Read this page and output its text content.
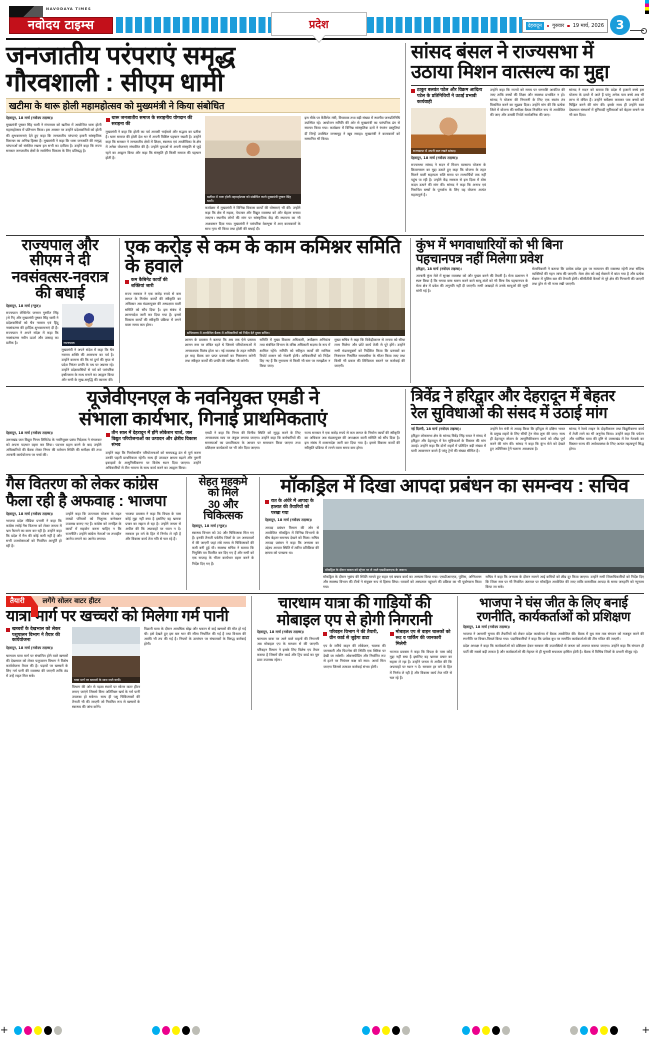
NAVODAYA TIMES
नवोदय टाइम्स	प्रदेश	देहरादून	गुरुवार 19 मार्च, 2026 3
जनजातीय परंपराएं समृद्ध
गौरवशाली : सीएम धामी
खटीमा के थारू होली महामहोत्सव को मुख्यमंत्री ने किया संबोधित

देहरादून, 18 मार्च (नवोदय टाइम्स)।

मुख्यमंत्री पुष्कर सिंह धामी ने मंगलवार को खटीमा में आयोजित थारू होली महामहोत्सव में प्रतिभाग किया। इस अवसर पर उन्होंने प्रदेशवासियों को होली की शुभकामनाएं देते हुए कहा कि जनजातीय परंपराएं हमारी सांस्कृतिक विरासत का अभिन्न हिस्सा हैं। मुख्यमंत्री ने कहा कि थारू जनजाति की समृद्ध परंपराओं को संरक्षित रखना हम सभी का दायित्व है। उन्होंने कहा कि राज्य सरकार जनजातीय क्षेत्रों के सर्वांगीण विकास के लिए प्रतिबद्ध है।

थारू जनजातीय समाज के सराहनीय योगदान की सराहना की
मुख्यमंत्री ने कहा कि होली का पर्व आपसी भाईचारे और सद्भाव का प्रतीक है। थारू समाज की होली देश भर में अपनी विशिष्ट पहचान रखती है। उन्होंने कहा कि सरकार ने जनजातीय क्षेत्रों में शिक्षा, स्वास्थ्य एवं आजीविका के क्षेत्र में अनेक योजनाएं संचालित की हैं। उन्होंने युवाओं से अपनी संस्कृति से जुड़े रहने का आह्वान किया और कहा कि संस्कृति ही किसी समाज की पहचान होती है।
खटीमा में थारू होली महामहोत्सव को संबोधित करते मुख्यमंत्री पुष्कर सिंह धामी।
कार्यक्रम में मुख्यमंत्री ने विभिन्न विकास कार्यों की घोषणाएं भी कीं। उन्होंने कहा कि क्षेत्र में सड़क, पेयजल और विद्युत व्यवस्था को और बेहतर बनाया जाएगा। स्थानीय लोगों की मांग पर सांस्कृतिक केंद्र की स्थापना का भी आश्वासन दिया गया। मुख्यमंत्री ने पारंपरिक वेशभूषा में आए कलाकारों के साथ नृत्य भी किया तथा होली की बधाई दी।
इस मौके पर कैबिनेट मंत्री, विधायक तथा बड़ी संख्या में स्थानीय जनप्रतिनिधि उपस्थित रहे। आयोजन समिति की ओर से मुख्यमंत्री का पारंपरिक ढंग से स्वागत किया गया। कार्यक्रम में विभिन्न सांस्कृतिक दलों ने रंगारंग प्रस्तुतियां दीं जिन्हें उपस्थित जनसमूह ने खूब सराहा। मुख्यमंत्री ने कलाकारों को सम्मानित भी किया।
सांसद बंसल ने राज्यसभा में
उठाया मिशन वात्सल्य का मुद्दा
ठाकुर बलवंत पटेल और विक्रम आदित्य पटेल के प्रतिनिधियों ने उठाई प्रभावी कार्यवाही
राज्यसभा में अपनी बात रखते सांसद।

देहरादून, 18 मार्च (नवोदय टाइम्स)।

राज्यसभा सांसद ने सदन में मिशन वात्सल्य योजना के क्रियान्वयन का मुद्दा उठाते हुए कहा कि योजना के तहत मिलने वाली सहायता राशि समय पर लाभार्थियों तक नहीं पहुंच पा रही है। उन्होंने केंद्र सरकार से इस दिशा में ठोस कदम उठाने की मांग की। सांसद ने कहा कि अनाथ एवं निराश्रित बच्चों के पुनर्वास के लिए यह योजना अत्यंत महत्वपूर्ण है।

उन्होंने कहा कि राज्यों को समय पर धनराशि आवंटित की जाए ताकि बच्चों की शिक्षा और स्वास्थ्य प्रभावित न हो। सांसद ने योजना की निगरानी के लिए एक स्वतंत्र तंत्र विकसित करने का सुझाव दिया। उन्होंने मांग की कि प्रत्येक जिले में योजना की समीक्षा बैठक नियमित रूप से आयोजित की जाए और उसकी रिपोर्ट सार्वजनिक की जाए।
सांसद ने सदन को बताया कि प्रदेश में हजारों बच्चे इस योजना के दायरे में आते हैं परंतु अनेक पात्र बच्चे अब भी लाभ से वंचित हैं। उन्होंने सर्वेक्षण कराकर पात्र बच्चों को चिह्नित करने की मांग की। इसके साथ ही उन्होंने बाल देखभाल संस्थानों में बुनियादी सुविधाओं को बेहतर बनाने पर भी बल दिया।
राज्यपाल और सीएम ने दी
नवसंवत्सर-नवरात्र की बधाई

देहरादून, 18 मार्च (न्यूज)।

राज्यपाल लेफ्टिनेंट जनरल गुरमीत सिंह (से नि) और मुख्यमंत्री पुष्कर सिंह धामी ने प्रदेशवासियों को चैत्र नवरात्र एवं हिंदू नवसंवत्सर की हार्दिक शुभकामनाएं दी हैं। राज्यपाल ने अपने संदेश में कहा कि नवसंवत्सर नवीन ऊर्जा और उत्साह का प्रतीक है।	राज्यपाल।
मुख्यमंत्री ने अपने संदेश में कहा कि चैत्र नवरात्र शक्ति की आराधना का पर्व है। उन्होंने कामना की कि मां दुर्गा की कृपा से प्रदेश निरंतर प्रगति के पथ पर अग्रसर रहे। उन्होंने प्रदेशवासियों से पर्व को पारंपरिक हर्षोल्लास के साथ मनाने का आह्वान किया और सभी के सुख-समृद्धि की कामना की।
एक करोड़ से कम के काम कमिश्नर समिति के हवाले
कम कैबिनेट कार्यों की शक्तियां जारी
राज्य सरकार ने एक करोड़ रुपये से कम लागत के निर्माण कार्यों की स्वीकृति का अधिकार अब मंडलायुक्त की अध्यक्षता वाली समिति को सौंप दिया है। इस संबंध में शासनादेश जारी कर दिया गया है। इससे विकास कार्यों की स्वीकृति प्रक्रिया में लगने वाला समय कम होगा।
सचिवालय में आयोजित बैठक में अधिकारियों को निर्देश देते मुख्य सचिव।
शासन के प्रवक्ता ने बताया कि अब तक ऐसे प्रस्ताव शासन स्तर पर लंबित रहते थे जिससे परियोजनाओं में अनावश्यक विलंब होता था। नई व्यवस्था के तहत समिति हर माह बैठक कर प्राप्त प्रस्तावों का निस्तारण करेगी तथा स्वीकृत कार्यों की प्रगति की समीक्षा भी करेगी।
समिति में मुख्य विकास अधिकारी, अधीक्षण अभियंता तथा संबंधित विभाग के वरिष्ठ अधिकारी सदस्य के रूप में शामिल रहेंगे। समिति को स्वीकृत कार्यों की मासिक रिपोर्ट शासन को भेजनी होगी। अधिकारियों को निर्देश दिए गए हैं कि गुणवत्ता से किसी भी स्तर पर समझौता न किया जाए।
मुख्य सचिव ने कहा कि विकेंद्रीकरण से जनता को सीधा लाभ मिलेगा और छोटे कार्य तेजी से पूरे होंगे। उन्होंने सभी मंडलायुक्तों को निर्देशित किया कि प्रस्तावों का निस्तारण निर्धारित समयसीमा के भीतर किया जाए तथा किसी भी प्रकार की शिथिलता बरतने पर कार्रवाई की जाएगी।
कुंभ में भगवाधारियों को भी बिना
पहचानपत्र नहीं मिलेगा प्रवेश

हरिद्वार, 18 मार्च (नवोदय टाइम्स)।

आगामी कुंभ मेले में सुरक्षा व्यवस्था को और पुख्ता करने की तैयारी है। मेला प्रशासन ने स्पष्ट किया है कि भगवा वस्त्र धारण करने वाले साधु-संतों को भी बिना वैध पहचानपत्र के मेला क्षेत्र में प्रवेश की अनुमति नहीं दी जाएगी। सभी अखाड़ों से उनके साधुओं की सूची मांगी गई है।

मेलाधिकारी ने बताया कि प्रत्येक प्रवेश द्वार पर सत्यापन की व्यवस्था रहेगी तथा संदिग्ध व्यक्तियों की गहन जांच की जाएगी। मेला क्षेत्र को कई सेक्टरों में बांटा गया है और प्रत्येक सेक्टर में पुलिस बल की तैनाती होगी। सीसीटीवी कैमरों से पूरे क्षेत्र की निगरानी की जाएगी तथा ड्रोन से भी नजर रखी जाएगी।
यूजेवीएनएल के नवनियुक्त एमडी ने
संभाला कार्यभार, गिनाई प्राथमिकताएं

देहरादून, 18 मार्च (नवोदय टाइम्स)।

उत्तराखंड जल विद्युत निगम लिमिटेड के नवनियुक्त प्रबंध निदेशक ने मंगलवार को अपना पदभार ग्रहण कर लिया। पदभार ग्रहण करने के बाद उन्होंने अधिकारियों की बैठक लेकर निगम की वर्तमान स्थिति की समीक्षा की तथा आगामी कार्ययोजना पर चर्चा की।

तीन साल में देहरादून में होंगे लोकेशन चार्ज, जल विद्युत परियोजनाओं का उत्पादन और क्षेत्रीय विकास संभव
उन्होंने कहा कि निर्माणाधीन परियोजनाओं को समयबद्ध ढंग से पूर्ण करना उनकी पहली प्राथमिकता रहेगी। साथ ही उत्पादन क्षमता बढ़ाने और पुरानी इकाइयों के आधुनिकीकरण पर विशेष ध्यान दिया जाएगा। उन्होंने अधिकारियों से टीम भावना के साथ कार्य करने का आह्वान किया।
एमडी ने कहा कि निगम की वित्तीय स्थिति को सुदृढ़ करने के लिए अनावश्यक व्यय पर अंकुश लगाया जाएगा। उन्होंने कहा कि कर्मचारियों की समस्याओं का प्राथमिकता के आधार पर समाधान किया जाएगा तथा प्रशिक्षण कार्यक्रमों पर भी जोर दिया जाएगा।
राज्य सरकार ने एक करोड़ रुपये से कम लागत के निर्माण कार्यों की स्वीकृति का अधिकार अब मंडलायुक्त की अध्यक्षता वाली समिति को सौंप दिया है। इस संबंध में शासनादेश जारी कर दिया गया है। इससे विकास कार्यों की स्वीकृति प्रक्रिया में लगने वाला समय कम होगा।
त्रिवेंद्र ने हरिद्वार और देहरादून में बेहतर
रेल सुविधाओं की संसद में उठाई मांग

नई दिल्ली, 18 मार्च (नवोदय टाइम्स)।

हरिद्वार लोकसभा क्षेत्र के सांसद त्रिवेंद्र सिंह रावत ने संसद में हरिद्वार और देहरादून में रेल सुविधाओं के विस्तार की मांग उठाई। उन्होंने कहा कि दोनों शहरों में प्रतिदिन बड़ी संख्या में यात्री आवागमन करते हैं परंतु ट्रेनों की संख्या सीमित है।

उन्होंने रेल मंत्री से आग्रह किया कि हरिद्वार से दक्षिण भारत के प्रमुख शहरों के लिए सीधी ट्रेन सेवा शुरू की जाए। साथ ही देहरादून स्टेशन के आधुनिकीकरण कार्य को शीघ्र पूर्ण करने की मांग की। सांसद ने कहा कि कुंभ मेले को देखते हुए अतिरिक्त ट्रेनें चलाना आवश्यक है।
सांसद ने रेलवे लाइन के दोहरीकरण तथा विद्युतीकरण कार्य में तेजी लाने का भी अनुरोध किया। उन्होंने कहा कि पर्यटन और धार्मिक यात्रा की दृष्टि से उत्तराखंड में रेल नेटवर्क का विस्तार राज्य की अर्थव्यवस्था के लिए अत्यंत महत्वपूर्ण सिद्ध होगा।
गैस वितरण को लेकर कांग्रेस
फैला रही है अफवाह : भाजपा

देहरादून, 18 मार्च (नवोदय टाइम्स)।

भाजपा प्रदेश मीडिया प्रभारी ने कहा कि कांग्रेस रसोई गैस वितरण को लेकर जनता में भ्रम फैलाने का काम कर रही है। उन्होंने कहा कि प्रदेश में गैस की कोई कमी नहीं है और सभी उपभोक्ताओं को नियमित आपूर्ति हो रही है।

उन्होंने कहा कि उज्ज्वला योजना के तहत लाखों परिवारों को निशुल्क कनेक्शन उपलब्ध कराए गए हैं। कांग्रेस को जनहित के कार्यों में सहयोग करना चाहिए न कि राजनीति। उन्होंने कांग्रेस नेताओं पर तथ्यहीन आरोप लगाने का आरोप लगाया।
भाजपा प्रवक्ता ने कहा कि विपक्ष के पास कोई मुद्दा नहीं बचा है इसलिए वह भ्रामक प्रचार का सहारा ले रहा है। उन्होंने जनता से अपील की कि अफवाहों पर ध्यान न दें। सरकार हर वर्ग के हित में निर्णय ले रही है और विकास कार्य तेज गति से चल रहे हैं।
सेहत महकमे को मिले
30 और चिकित्सक

देहरादून, 18 मार्च (न्यूज)।

स्वास्थ्य विभाग को 30 और चिकित्सक मिल गए हैं। इनकी तैनाती पर्वतीय जिलों के उन अस्पतालों में की जाएगी जहां लंबे समय से चिकित्सकों की कमी बनी हुई थी। स्वास्थ्य सचिव ने बताया कि नियुक्ति पत्र वितरित कर दिए गए हैं और सभी को एक सप्ताह के भीतर कार्यभार ग्रहण करने के निर्देश दिए गए हैं।

मॉकड्रिल में दिखा आपदा प्रबंधन का समन्वय : सचिव
रात के अंधेरे में आपदा के हालात की तैयारियों को परखा गया

देहरादून, 18 मार्च (नवोदय टाइम्स)।

आपदा प्रबंधन विभाग की ओर से आयोजित मॉकड्रिल में विभिन्न विभागों के बीच बेहतर समन्वय देखने को मिला। सचिव आपदा प्रबंधन ने कहा कि अभ्यास का उद्देश्य आपात स्थिति में त्वरित प्रतिक्रिया की क्षमता को परखना था।

मॉकड्रिल के दौरान घायल को स्ट्रेचर पर ले जाते एसडीआरएफ के जवान।
मॉकड्रिल के दौरान भूकंप की स्थिति मानते हुए राहत एवं बचाव कार्य का अभ्यास किया गया। एसडीआरएफ, पुलिस, अग्निशमन और स्वास्थ्य विभाग की टीमों ने संयुक्त रूप से हिस्सा लिया। घायलों को अस्पताल पहुंचाने की प्रक्रिया का भी पूर्वाभ्यास किया गया।
सचिव ने कहा कि अभ्यास के दौरान सामने आई कमियों को शीघ्र दूर किया जाएगा। उन्होंने सभी जिलाधिकारियों को निर्देश दिए कि जिला स्तर पर भी नियमित अंतराल पर मॉकड्रिल आयोजित की जाए ताकि वास्तविक आपदा के समय जनहानि को न्यूनतम किया जा सके।
तैयारी	लगेंगे सोलर वाटर हीटर
यात्रा मार्ग पर खच्चरों को मिलेगा गर्म पानी
खच्चरों के देखभाल को लेकर पशुपालन विभाग ने तैयार की कार्ययोजना

देहरादून, 18 मार्च (नवोदय टाइम्स)।

चारधाम यात्रा मार्ग पर संचालित होने वाले खच्चरों की देखभाल को लेकर पशुपालन विभाग ने विशेष कार्ययोजना तैयार की है। पड़ावों पर खच्चरों के लिए गर्म पानी की व्यवस्था की जाएगी ताकि ठंड में उन्हें राहत मिल सके।

यात्रा मार्ग पर खच्चरों के साथ जाते यात्री।
विभाग की ओर से पड़ाव स्थलों पर सोलर वाटर हीटर लगाए जाएंगे जिससे बिना अतिरिक्त खर्च के गर्म पानी उपलब्ध हो सकेगा। साथ ही पशु चिकित्सकों की तैनाती भी की जाएगी जो नियमित रूप से खच्चरों के स्वास्थ्य की जांच करेंगे।
पिछली यात्रा के दौरान अत्यधिक बोझ और थकान से कई खच्चरों की मौत हो गई थी। इसे देखते हुए इस बार भार की सीमा निर्धारित की गई है तथा विश्राम की अवधि भी तय की गई है। नियमों के उल्लंघन पर संचालकों के विरुद्ध कार्रवाई होगी।
चारधाम यात्रा की गाड़ियों की
मोबाइल एप से होगी निगरानी

देहरादून, 18 मार्च (नवोदय टाइम्स)।

चारधाम यात्रा पर आने वाले वाहनों की निगरानी अब मोबाइल एप के माध्यम से की जाएगी। परिवहन विभाग ने इसके लिए विशेष एप तैयार कराया है जिसमें ग्रीन कार्ड और ट्रिप कार्ड का पूरा डाटा उपलब्ध रहेगा।

परिवहन विभाग ने की तैयारी, ग्रीन कार्ड से जुड़ेगा डाटा
एप के जरिये वाहन की लोकेशन, चालक की जानकारी और फिटनेस की स्थिति एक क्लिक पर देखी जा सकेगी। ओवरस्पीडिंग और निर्धारित रूट से हटने पर नियंत्रण कक्ष को स्वत: अलर्ट मिल जाएगा जिससे तत्काल कार्रवाई संभव होगी।
मोबाइल एप से वाहन चालकों को रूट व पार्किंग की जानकारी मिलेगी
भाजपा प्रवक्ता ने कहा कि विपक्ष के पास कोई मुद्दा नहीं बचा है इसलिए वह भ्रामक प्रचार का सहारा ले रहा है। उन्होंने जनता से अपील की कि अफवाहों पर ध्यान न दें। सरकार हर वर्ग के हित में निर्णय ले रही है और विकास कार्य तेज गति से चल रहे हैं।
भाजपा ने घंस जीत के लिए बनाई
रणनीति, कार्यकर्ताओं को प्रशिक्षण

देहरादून, 18 मार्च (नवोदय टाइम्स)।

भाजपा ने आगामी चुनाव की तैयारियों को लेकर प्रदेश कार्यालय में बैठक आयोजित की। बैठक में बूथ स्तर तक संगठन को मजबूत करने की रणनीति पर विचार-विमर्श किया गया। पदाधिकारियों ने कहा कि प्रत्येक बूथ पर समर्पित कार्यकर्ताओं की टीम गठित की जाएगी।

प्रदेश अध्यक्ष ने कहा कि कार्यकर्ताओं को प्रशिक्षण देकर सरकार की उपलब्धियों से जनता को अवगत कराया जाएगा। उन्होंने कहा कि संगठन ही पार्टी की सबसे बड़ी ताकत है और कार्यकर्ताओं की मेहनत से ही चुनावी सफलता हासिल होती है। बैठक में विभिन्न जिलों के प्रभारी मौजूद रहे।

+	+
